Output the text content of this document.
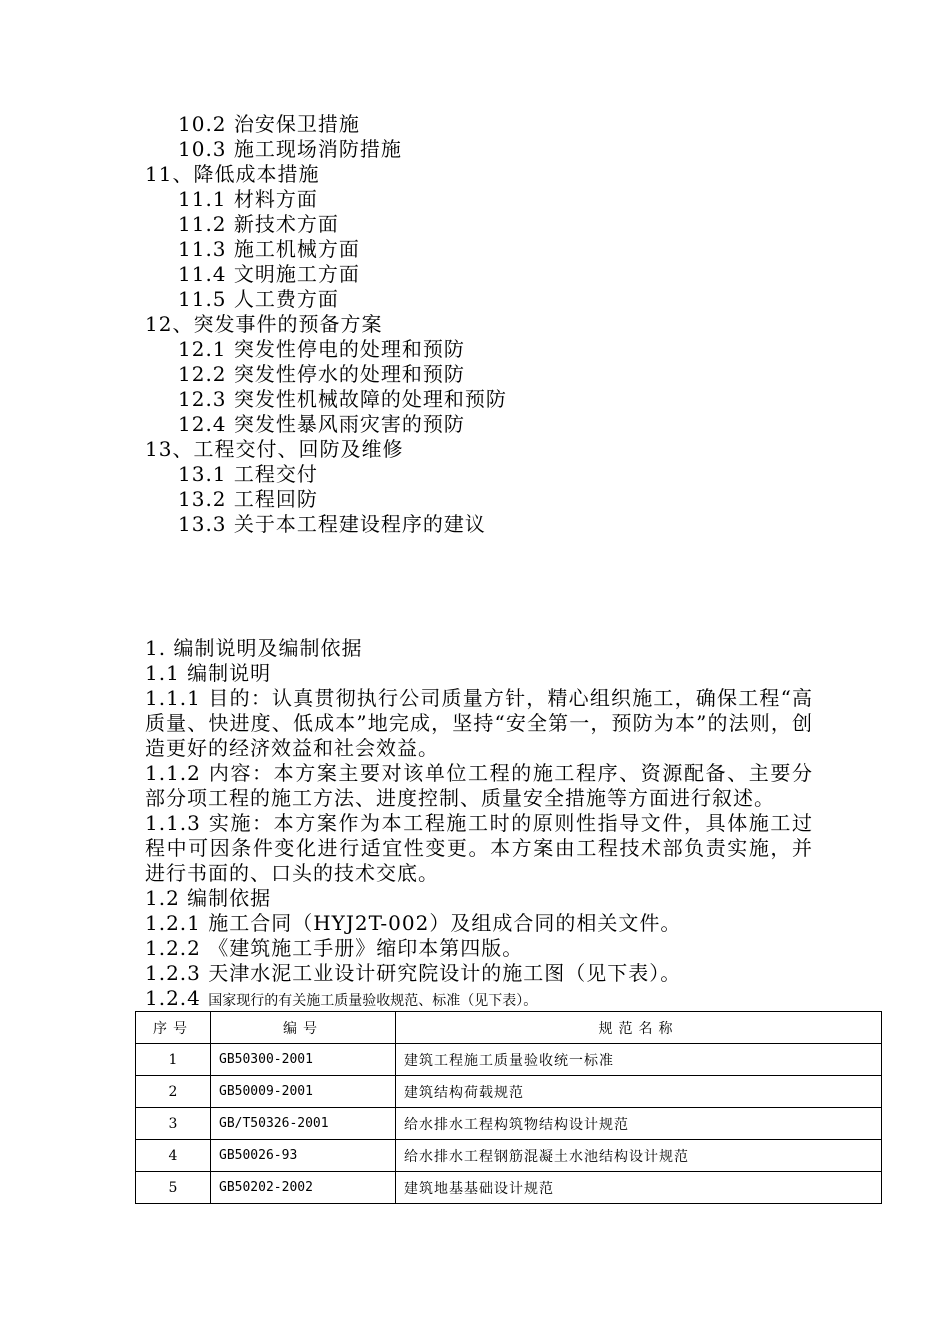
10.2 治安保卫措施
10.3 施工现场消防措施
11、降低成本措施
11.1 材料方面
11.2 新技术方面
11.3 施工机械方面
11.4 文明施工方面
11.5 人工费方面
12、突发事件的预备方案
12.1 突发性停电的处理和预防
12.2 突发性停水的处理和预防
12.3 突发性机械故障的处理和预防
12.4 突发性暴风雨灾害的预防
13、工程交付、回防及维修
13.1 工程交付
13.2 工程回防
13.3 关于本工程建设程序的建议

1. 编制说明及编制依据

1.1 编制说明

1.1.1 目的：认真贯彻执行公司质量方针，精心组织施工，确保工程“高质量、快进度、低成本”地完成，坚持“安全第一，预防为本”的法则，创造更好的经济效益和社会效益。

1.1.2 内容：本方案主要对该单位工程的施工程序、资源配备、主要分部分项工程的施工方法、进度控制、质量安全措施等方面进行叙述。

1.1.3 实施：本方案作为本工程施工时的原则性指导文件，具体施工过程中可因条件变化进行适宜性变更。本方案由工程技术部负责实施，并进行书面的、口头的技术交底。

1.2 编制依据

1.2.1 施工合同（HYJ2T-002）及组成合同的相关文件。

1.2.2 《建筑施工手册》缩印本第四版。

1.2.3 天津水泥工业设计研究院设计的施工图（见下表）。

1.2.4 国家现行的有关施工质量验收规范、标准（见下表）。

序号	编号	规范名称
1	GB50300-2001	建筑工程施工质量验收统一标准
2	GB50009-2001	建筑结构荷载规范
3	GB/T50326-2001	给水排水工程构筑物结构设计规范
4	GB50026-93	给水排水工程钢筋混凝土水池结构设计规范
5	GB50202-2002	建筑地基基础设计规范
